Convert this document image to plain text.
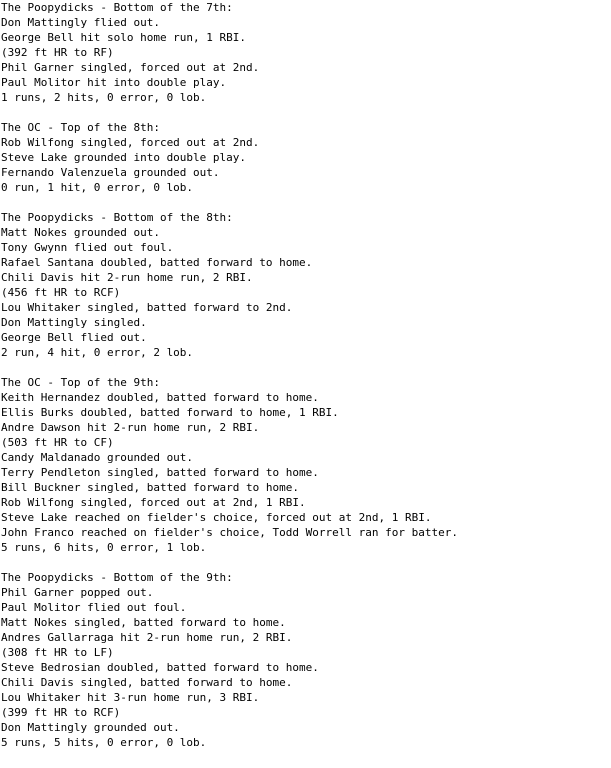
The Poopydicks - Bottom of the 7th:
Don Mattingly flied out.
George Bell hit solo home run, 1 RBI.
(392 ft HR to RF)
Phil Garner singled, forced out at 2nd.
Paul Molitor hit into double play.
1 runs, 2 hits, 0 error, 0 lob.
The OC - Top of the 8th:
Rob Wilfong singled, forced out at 2nd.
Steve Lake grounded into double play.
Fernando Valenzuela grounded out.
0 run, 1 hit, 0 error, 0 lob.
The Poopydicks - Bottom of the 8th:
Matt Nokes grounded out.
Tony Gwynn flied out foul.
Rafael Santana doubled, batted forward to home.
Chili Davis hit 2-run home run, 2 RBI.
(456 ft HR to RCF)
Lou Whitaker singled, batted forward to 2nd.
Don Mattingly singled.
George Bell flied out.
2 run, 4 hit, 0 error, 2 lob.
The OC - Top of the 9th:
Keith Hernandez doubled, batted forward to home.
Ellis Burks doubled, batted forward to home, 1 RBI.
Andre Dawson hit 2-run home run, 2 RBI.
(503 ft HR to CF)
Candy Maldanado grounded out.
Terry Pendleton singled, batted forward to home.
Bill Buckner singled, batted forward to home.
Rob Wilfong singled, forced out at 2nd, 1 RBI.
Steve Lake reached on fielder's choice, forced out at 2nd, 1 RBI.
John Franco reached on fielder's choice, Todd Worrell ran for batter.
5 runs, 6 hits, 0 error, 1 lob.
The Poopydicks - Bottom of the 9th:
Phil Garner popped out.
Paul Molitor flied out foul.
Matt Nokes singled, batted forward to home.
Andres Gallarraga hit 2-run home run, 2 RBI.
(308 ft HR to LF)
Steve Bedrosian doubled, batted forward to home.
Chili Davis singled, batted forward to home.
Lou Whitaker hit 3-run home run, 3 RBI.
(399 ft HR to RCF)
Don Mattingly grounded out.
5 runs, 5 hits, 0 error, 0 lob.
